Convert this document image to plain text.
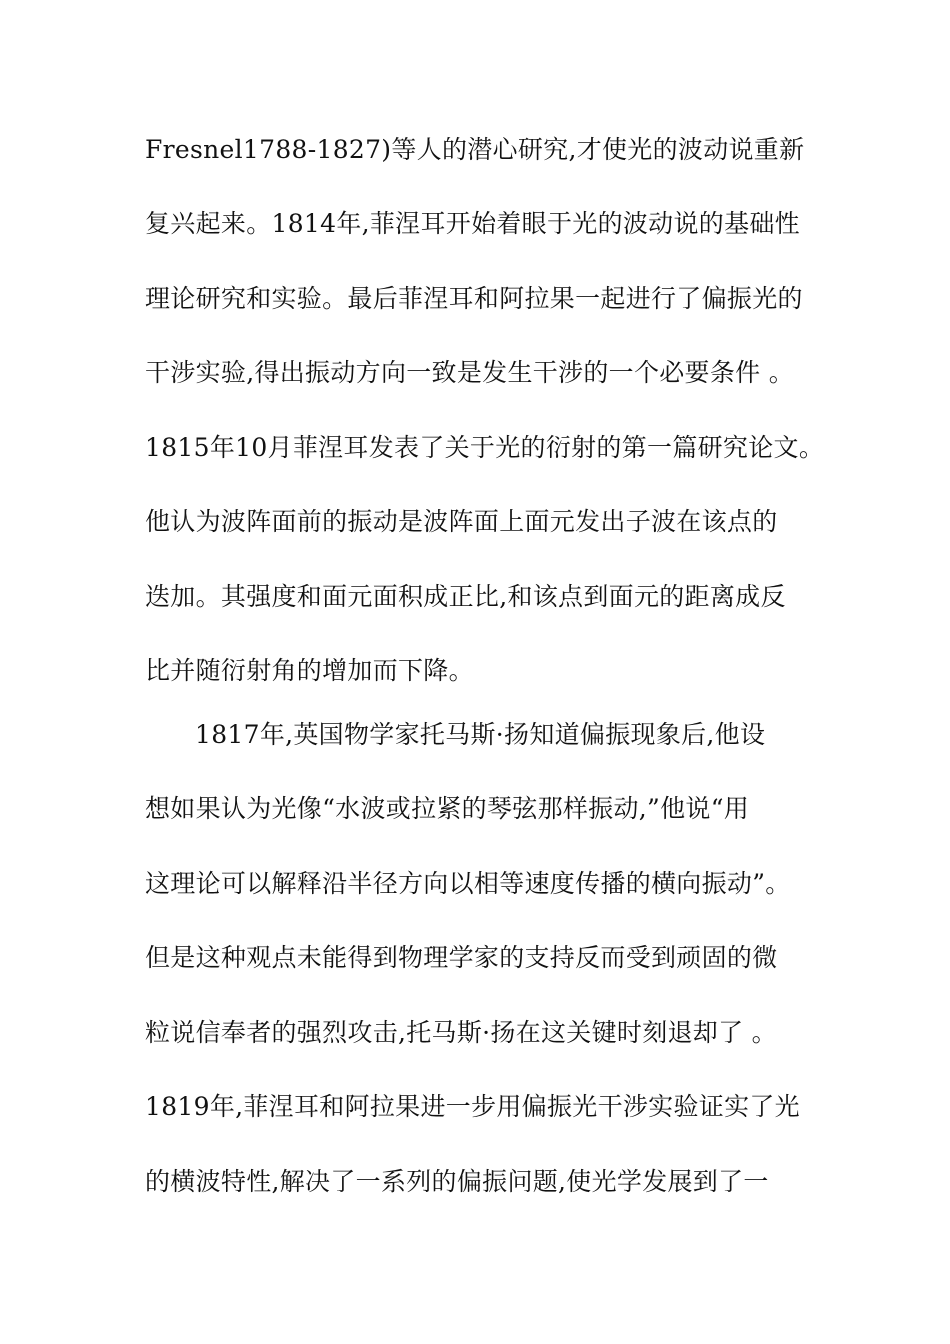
Fresnel1788-1827)等人的潜心研究,才使光的波动说重新

复兴起来。1814年,菲涅耳开始着眼于光的波动说的基础性

理论研究和实验。最后菲涅耳和阿拉果一起进行了偏振光的

干涉实验,得出振动方向一致是发生干涉的一个必要条件 。

1815年10月菲涅耳发表了关于光的衍射的第一篇研究论文。

他认为波阵面前的振动是波阵面上面元发出子波在该点的

迭加。其强度和面元面积成正比,和该点到面元的距离成反

比并随衍射角的增加而下降。

1817年,英国物学家托马斯·扬知道偏振现象后,他设

想如果认为光像“水波或拉紧的琴弦那样振动,”他说“用

这理论可以解释沿半径方向以相等速度传播的横向振动”。

但是这种观点未能得到物理学家的支持反而受到顽固的微

粒说信奉者的强烈攻击,托马斯·扬在这关键时刻退却了 。

1819年,菲涅耳和阿拉果进一步用偏振光干涉实验证实了光

的横波特性,解决了一系列的偏振问题,使光学发展到了一
